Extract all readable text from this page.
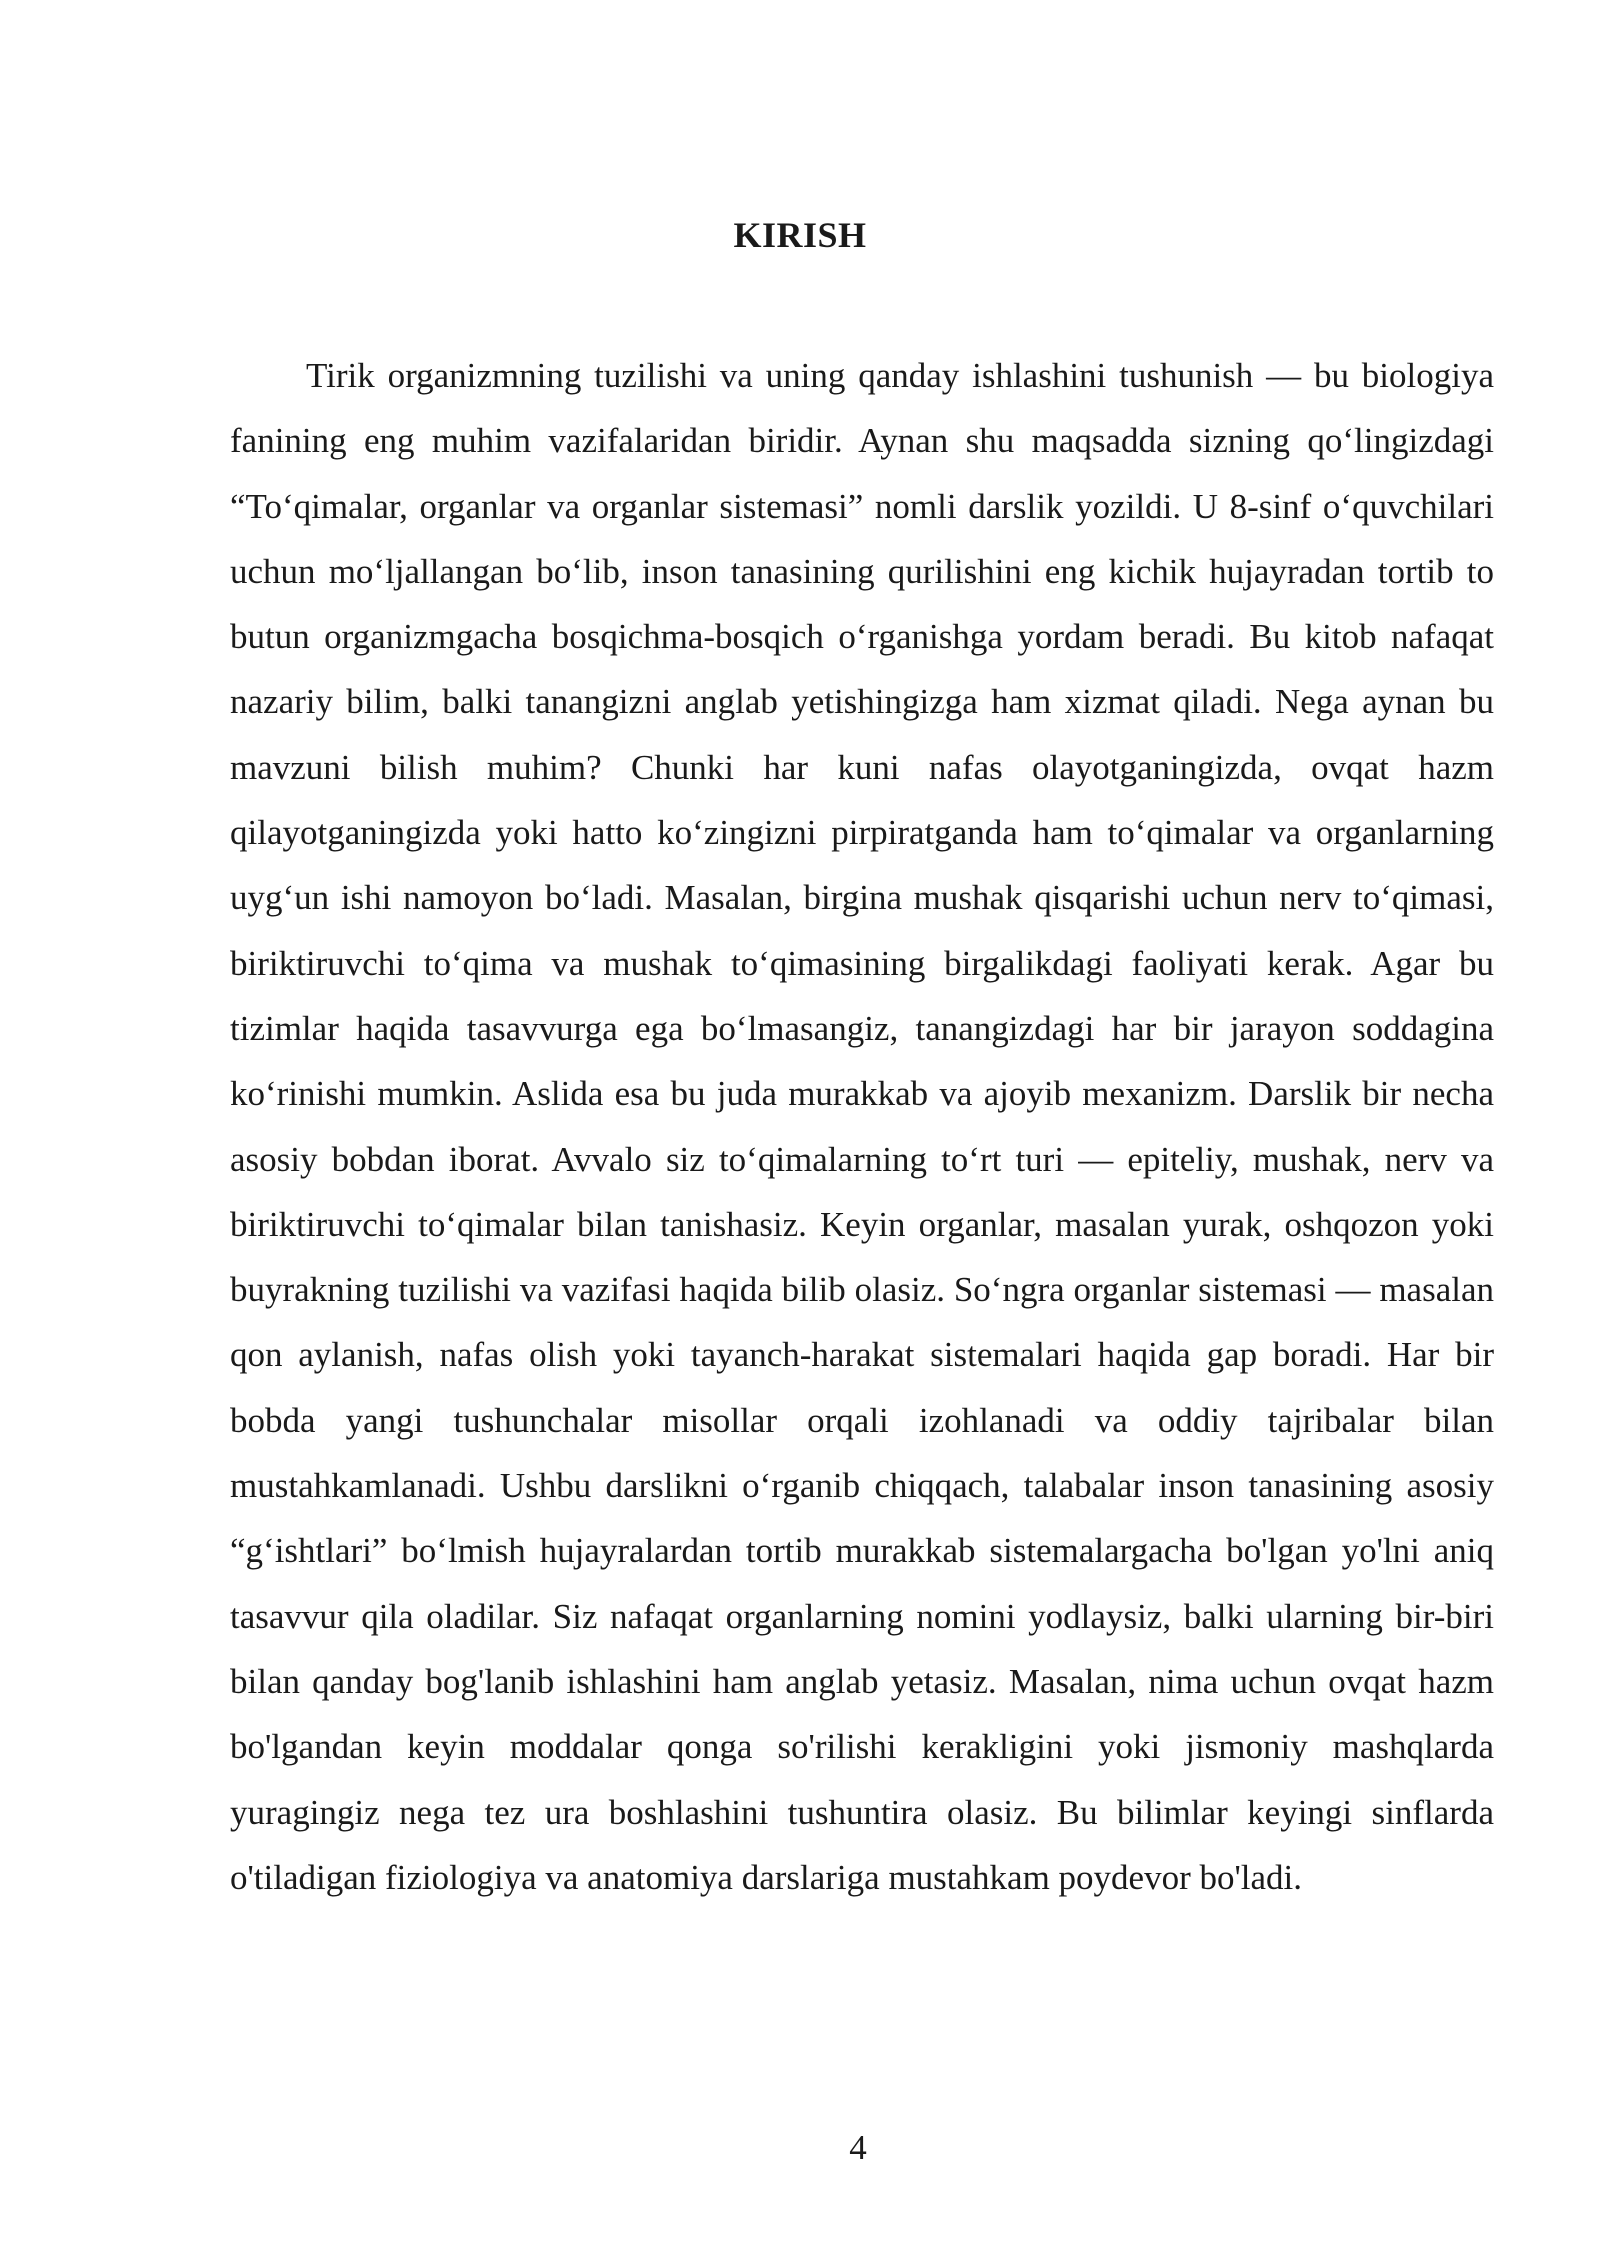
KIRISH

Tirik organizmning tuzilishi va uning qanday ishlashini tushunish — bu biologiya fanining eng muhim vazifalaridan biridir. Aynan shu maqsadda sizning qo‘lingizdagi “To‘qimalar, organlar va organlar sistemasi” nomli darslik yozildi. U 8-sinf o‘quvchilari uchun mo‘ljallangan bo‘lib, inson tanasining qurilishini eng kichik hujayradan tortib to butun organizmgacha bosqichma-bosqich o‘rganishga yordam beradi. Bu kitob nafaqat nazariy bilim, balki tanangizni anglab yetishingizga ham xizmat qiladi. Nega aynan bu mavzuni bilish muhim? Chunki har kuni nafas olayotganingizda, ovqat hazm qilayotganingizda yoki hatto ko‘zingizni pirpiratganda ham to‘qimalar va organlarning uyg‘un ishi namoyon bo‘ladi. Masalan, birgina mushak qisqarishi uchun nerv to‘qimasi, biriktiruvchi to‘qima va mushak to‘qimasining birgalikdagi faoliyati kerak. Agar bu tizimlar haqida tasavvurga ega bo‘lmasangiz, tanangizdagi har bir jarayon soddagina ko‘rinishi mumkin. Aslida esa bu juda murakkab va ajoyib mexanizm. Darslik bir necha asosiy bobdan iborat. Avvalo siz to‘qimalarning to‘rt turi — epiteliy, mushak, nerv va biriktiruvchi to‘qimalar bilan tanishasiz. Keyin organlar, masalan yurak, oshqozon yoki buyrakning tuzilishi va vazifasi haqida bilib olasiz. So‘ngra organlar sistemasi — masalan qon aylanish, nafas olish yoki tayanch-harakat sistemalari haqida gap boradi. Har bir bobda yangi tushunchalar misollar orqali izohlanadi va oddiy tajribalar bilan mustahkamlanadi. Ushbu darslikni o‘rganib chiqqach, talabalar inson tanasining asosiy “g‘ishtlari” bo‘lmish hujayralardan tortib murakkab sistemalargacha bo'lgan yo'lni aniq tasavvur qila oladilar. Siz nafaqat organlarning nomini yodlaysiz, balki ularning bir-biri bilan qanday bog'lanib ishlashini ham anglab yetasiz. Masalan, nima uchun ovqat hazm bo'lgandan keyin moddalar qonga so'rilishi kerakligini yoki jismoniy mashqlarda yuragingiz nega tez ura boshlashini tushuntira olasiz. Bu bilimlar keyingi sinflarda o'tiladigan fiziologiya va anatomiya darslariga mustahkam poydevor bo'ladi.

4
